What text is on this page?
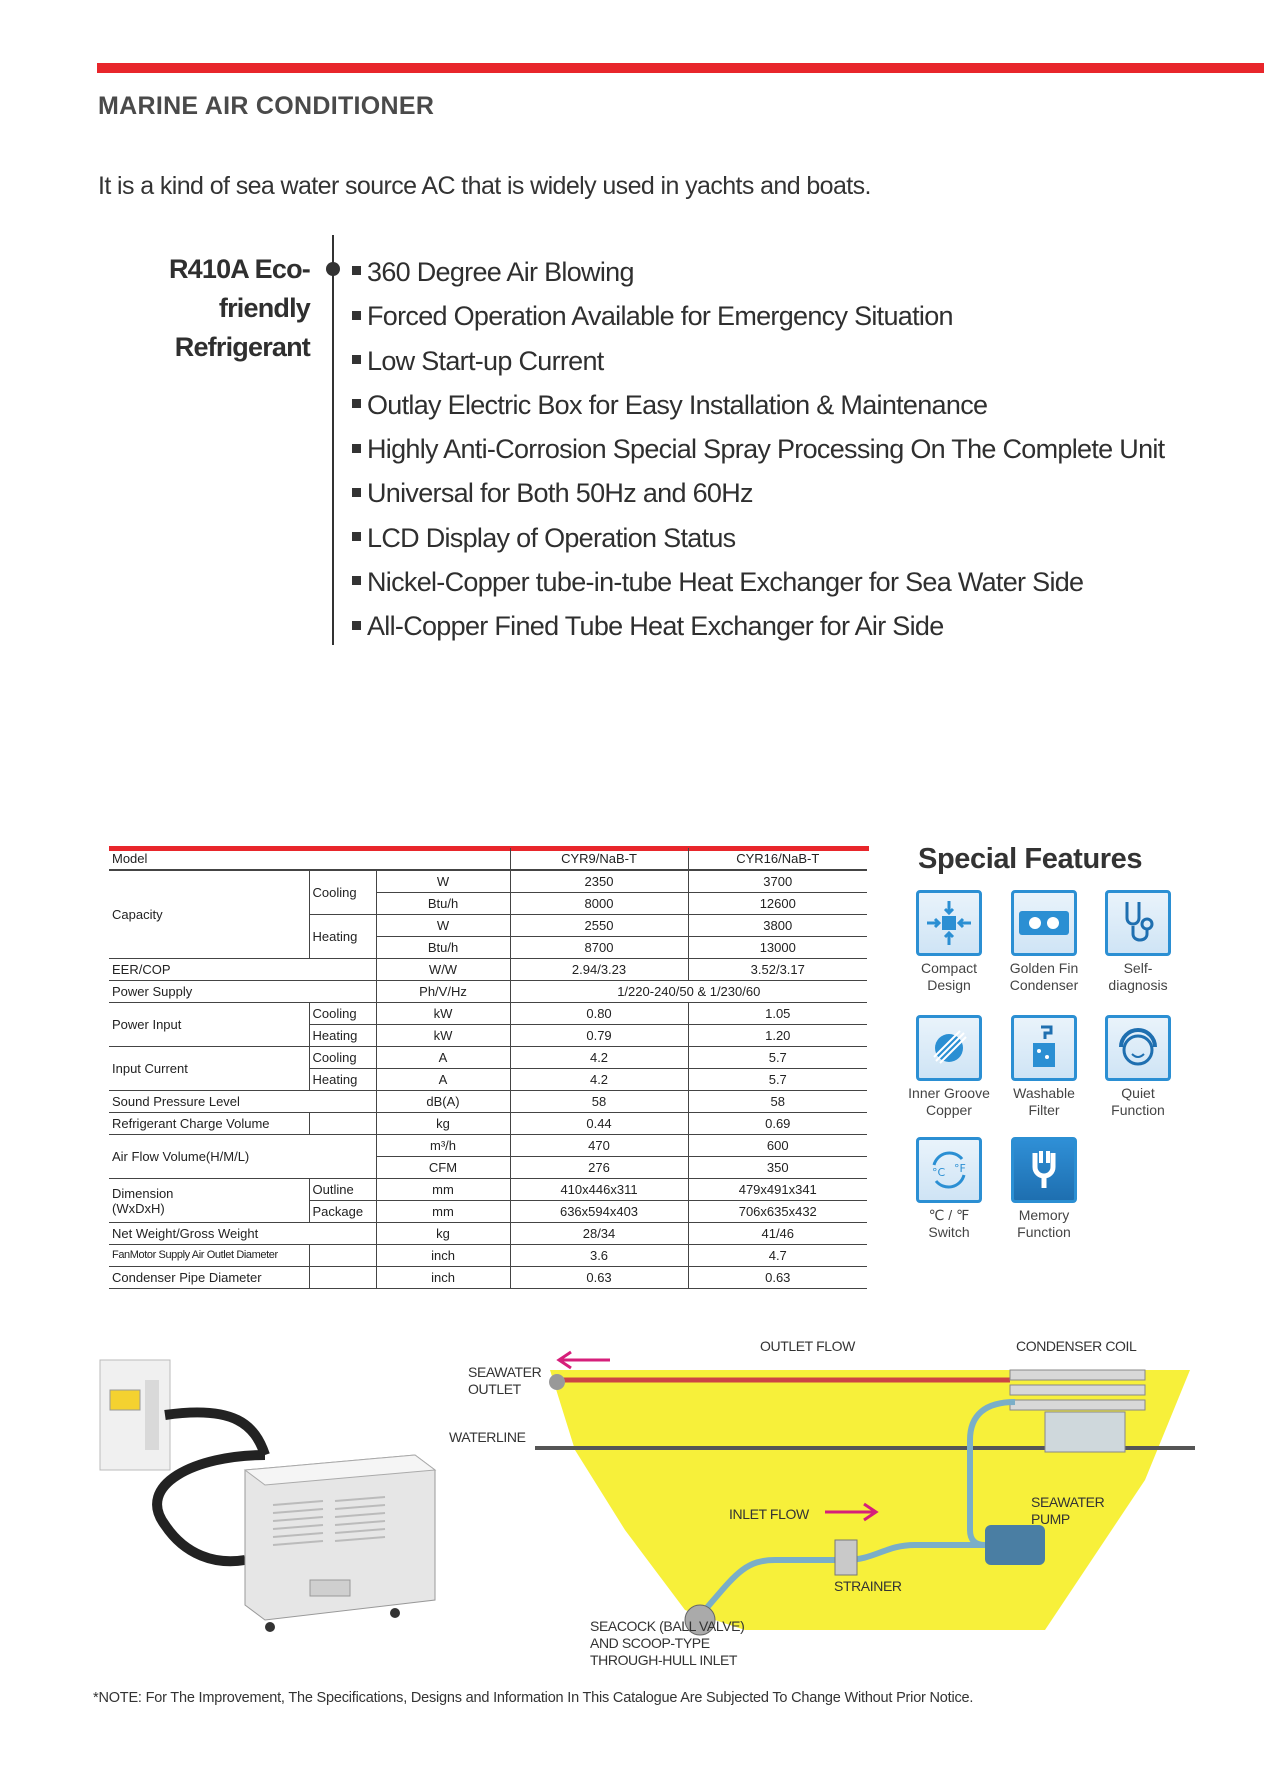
MARINE AIR CONDITIONER
It is a kind of sea water source AC that is widely used in yachts and boats.
R410A Eco-friendly
Refrigerant
360 Degree Air Blowing
Forced Operation Available for Emergency Situation
Low Start-up Current
Outlay Electric Box for Easy Installation & Maintenance
Highly Anti-Corrosion Special Spray Processing On The Complete Unit
Universal for Both 50Hz and 60Hz
LCD Display of Operation Status
Nickel-Copper tube-in-tube Heat Exchanger for Sea Water Side
All-Copper Fined Tube Heat Exchanger for Air Side
Model			CYR9/NaB-T	CYR16/NaB-T
Capacity	Cooling	W	2350	3700
		Btu/h	8000	12600
	Heating	W	2550	3800
		Btu/h	8700	13000
EER/COP		W/W	2.94/3.23	3.52/3.17
Power Supply		Ph/V/Hz	1/220-240/50 & 1/230/60	
Power Input	Cooling	kW	0.80	1.05
	Heating	kW	0.79	1.20
Input Current	Cooling	A	4.2	5.7
	Heating	A	4.2	5.7
Sound Pressure Level		dB(A)	58	58
Refrigerant Charge Volume		kg	0.44	0.69
Air Flow Volume(H/M/L)		m³/h	470	600
		CFM	276	350

Dimension
(WxDxH)	Outline	mm	410x446x311	479x491x341
	Package	mm	636x594x403	706x635x432
Net Weight/Gross Weight		kg	28/34	41/46
FanMotor Supply Air Outlet Diameter		inch	3.6	4.7
Condenser Pipe Diameter		inch	0.63	0.63
Special Features
Compact
Design
Golden Fin
Condenser
Self-
diagnosis
Inner Groove
Copper
Washable
Filter
Quiet
Function
°C °F
℃ / ℉
Switch
Memory
Function
OUTLET FLOW	CONDENSER COIL
SEAWATER
OUTLET
WATERLINE
INLET FLOW
SEAWATER
PUMP
STRAINER
SEACOCK (BALL VALVE)
AND SCOOP-TYPE
THROUGH-HULL INLET
*NOTE: For The Improvement, The Specifications, Designs and Information In This Catalogue Are Subjected To Change Without Prior Notice.
